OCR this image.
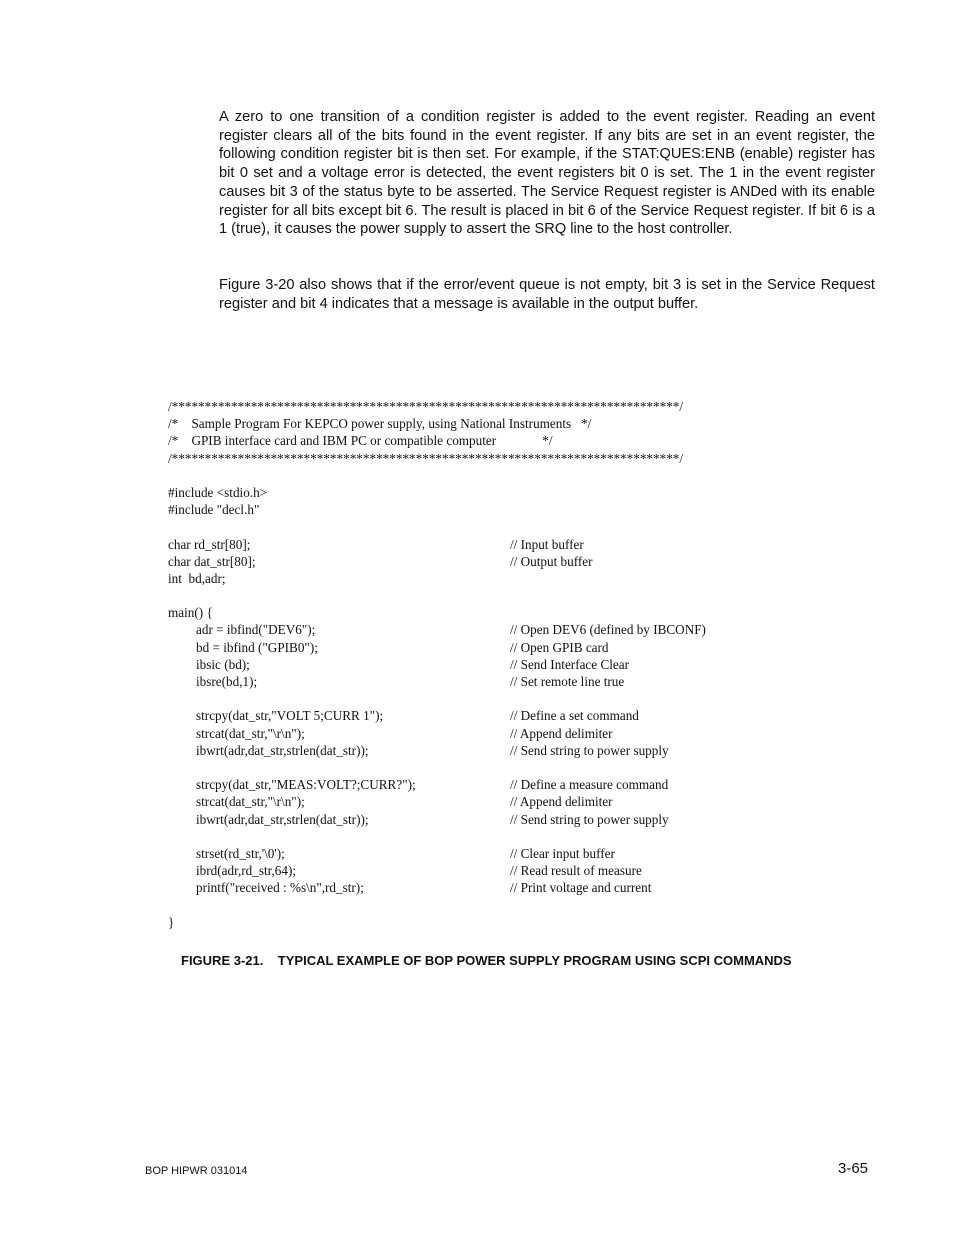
A zero to one transition of a condition register is added to the event register. Reading an event register clears all of the bits found in the event register. If any bits are set in an event register, the following condition register bit is then set. For example, if the STAT:QUES:ENB (enable) register has bit 0 set and a voltage error is detected, the event registers bit 0 is set. The 1 in the event register causes bit 3 of the status byte to be asserted. The Service Request register is ANDed with its enable register for all bits except bit 6. The result is placed in bit 6 of the Service Request register. If bit 6 is a 1 (true), it causes the power supply to assert the SRQ line to the host controller.

Figure 3-20 also shows that if the error/event queue is not empty, bit 3 is set in the Service Request register and bit 4 indicates that a message is available in the output buffer.

/*****************************************************************************/
/*    Sample Program For KEPCO power supply, using National Instruments   */
/*    GPIB interface card and IBM PC or compatible computer              */
/*****************************************************************************/
#include <stdio.h>
#include "decl.h"
char rd_str[80];	// Input buffer
char dat_str[80];	// Output buffer
int  bd,adr;
main() {
adr = ibfind("DEV6");	// Open DEV6 (defined by IBCONF)
bd = ibfind ("GPIB0");	// Open GPIB card
ibsic (bd);	// Send Interface Clear
ibsre(bd,1);	// Set remote line true
strcpy(dat_str,"VOLT 5;CURR 1");	// Define a set command
strcat(dat_str,"\r\n");	// Append delimiter
ibwrt(adr,dat_str,strlen(dat_str));	// Send string to power supply
strcpy(dat_str,"MEAS:VOLT?;CURR?");	// Define a measure command
strcat(dat_str,"\r\n");	// Append delimiter
ibwrt(adr,dat_str,strlen(dat_str));	// Send string to power supply
strset(rd_str,'\0');	// Clear input buffer
ibrd(adr,rd_str,64);	// Read result of measure
printf("received : %s\n",rd_str);	// Print voltage and current
}
FIGURE 3-21.    TYPICAL EXAMPLE OF BOP POWER SUPPLY PROGRAM USING SCPI COMMANDS
BOP HIPWR 031014	3-65
